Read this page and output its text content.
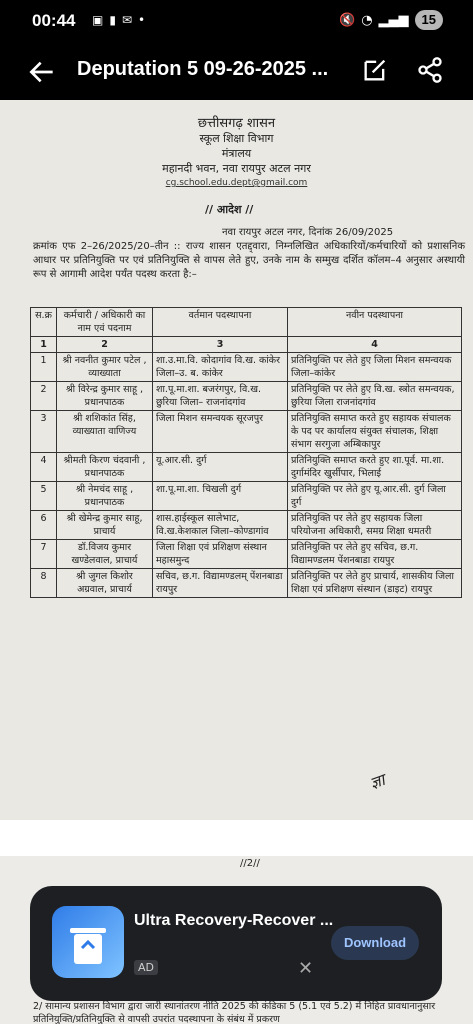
00:44 ▣ ▮ ✉ •	🔇 ◔ ▂▄▆	15
Deputation 5 09-26-2025 ...
छत्तीसगढ़ शासन
स्कूल शिक्षा विभाग
मंत्रालय
महानदी भवन, नवा रायपुर अटल नगर
cg.school.edu.dept@gmail.com
// आदेश //
नवा रायपुर अटल नगर, दिनांक 26/09/2025
क्रमांक एफ 2–26/2025/20–तीन :: राज्य शासन एतद्द्वारा, निम्नलिखित अधिकारियों/कर्मचारियों को प्रशासनिक आधार पर प्रतिनियुक्ति पर एवं प्रतिनियुक्ति से वापस लेते हुए, उनके नाम के सम्मुख दर्शित कॉलम–4 अनुसार अस्थायी रूप से आगामी आदेश पर्यंत पदस्थ करता है:–
स.क्र	कर्मचारी / अधिकारी का नाम एवं पदनाम	वर्तमान पदस्थापना	नवीन पदस्थापना
1	2	3	4
1	श्री नवनीत कुमार पटेल , व्याख्याता	शा.उ.मा.वि. कोदागांव वि.ख. कांकेर जिला–उ. ब. कांकेर	प्रतिनियुक्ति पर लेते हुए जिला मिशन समन्वयक जिला–कांकेर
2	श्री विरेन्द्र कुमार साहू , प्रधानपाठक	शा.पू.मा.शा. बजरंगपुर, वि.ख. छुरिया जिला– राजनांदगांव	प्रतिनियुक्ति पर लेते हुए वि.ख. स्त्रोत समन्वयक, छुरिया जिला राजनांदगांव
3	श्री शशिकांत सिंह, व्याख्याता वाणिज्य	जिला मिशन समन्वयक सूरजपुर	प्रतिनियुक्ति समाप्त करते हुए सहायक संचालक के पद पर कार्यालय संयुक्त संचालक, शिक्षा संभाग सरगुजा अम्बिकापुर
4	श्रीमती किरण चंदवानी , प्रधानपाठक	यू.आर.सी. दुर्ग	प्रतिनियुक्ति समाप्त करते हुए शा.पूर्व. मा.शा. दुर्गामंदिर खुर्सीपार, भिलाई
5	श्री नेमचंद साहू , प्रधानपाठक	शा.पू.मा.शा. चिखली दुर्ग	प्रतिनियुक्ति पर लेते हुए यू.आर.सी. दुर्ग जिला दुर्ग
6	श्री खेमेन्द्र कुमार साहू, प्राचार्य	शास.हाईस्कूल सालेभाट, वि.ख.केशकाल जिला–कोण्डागांव	प्रतिनियुक्ति पर लेते हुए सहायक जिला परियोजना अधिकारी, समग्र शिक्षा धमतरी
7	डॉ.विजय कुमार खण्डेलवाल, प्राचार्य	जिला शिक्षा एवं प्रशिक्षण संस्थान महासमुन्द	प्रतिनियुक्ति पर लेते हुए सचिव, छ.ग. विद्यामण्डलम पेंशनबाडा रायपुर
8	श्री जुगल किशोर अग्रवाल, प्राचार्य	सचिव, छ.ग. विद्यामण्डलम् पेंशनबाडा रायपुर	प्रतिनियुक्ति पर लेते हुए प्राचार्य, शासकीय जिला शिक्षा एवं प्रशिक्षण संस्थान (डाइट) रायपुर
ज्ञा
//2//
2/ सामान्य प्रशासन विभाग द्वारा जारी स्थानांतरण नीति 2025 की कंडिका 5 (5.1 एवं 5.2) में निहित प्रावधानानुसार प्रतिनियुक्ति/प्रतिनियुक्ति से वापसी उपरांत पदस्थापना के संबंध में प्रकरण
Ultra Recovery-Recover ...
AD	✕
Download
